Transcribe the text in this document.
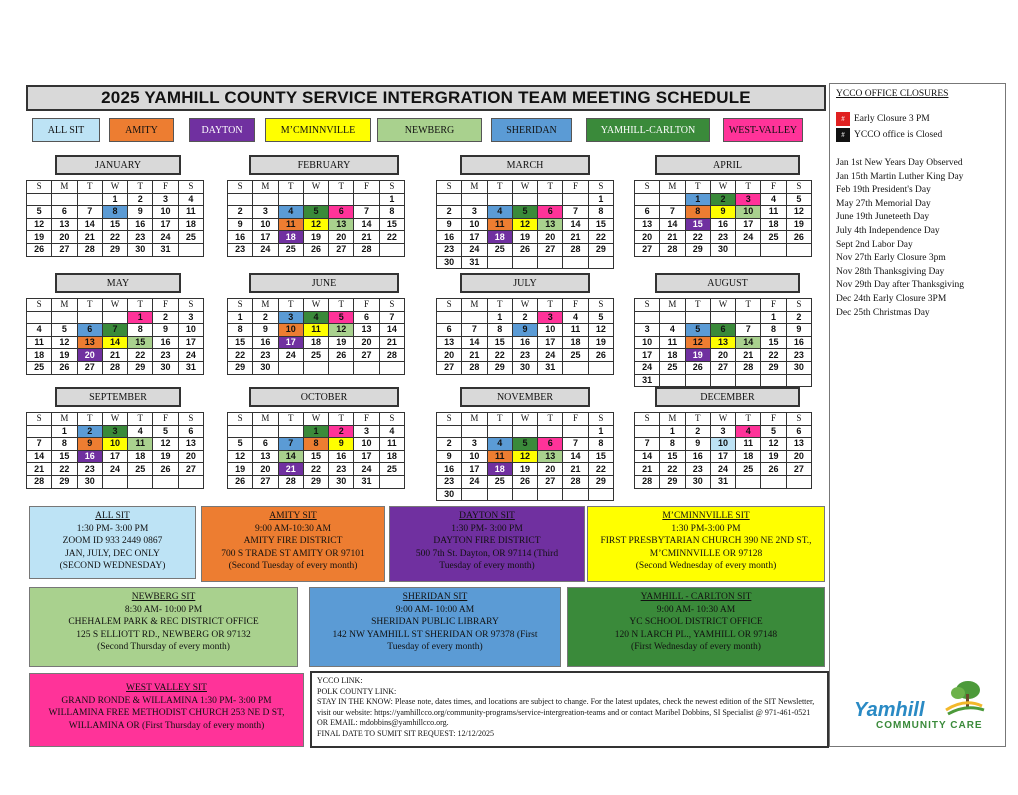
2025 YAMHILL COUNTY SERVICE INTERGRATION TEAM MEETING SCHEDULE
ALL SIT	AMITY	DAYTON	M’CMINNVILLE	NEWBERG	SHERIDAN	YAMHILL-CARLTON	WEST-VALLEY
JANUARY
S	M	T	W	T	F	S
			1	2	3	4
5	6	7	8	9	10	11
12	13	14	15	16	17	18
19	20	21	22	23	24	25
26	27	28	29	30	31	
FEBRUARY
S	M	T	W	T	F	S
						1
2	3	4	5	6	7	8
9	10	11	12	13	14	15
16	17	18	19	20	21	22
23	24	25	26	27	28	
MARCH
S	M	T	W	T	F	S
						1
2	3	4	5	6	7	8
9	10	11	12	13	14	15
16	17	18	19	20	21	22
23	24	25	26	27	28	29
30	31					
APRIL
S	M	T	W	T	F	S
		1	2	3	4	5
6	7	8	9	10	11	12
13	14	15	16	17	18	19
20	21	22	23	24	25	26
27	28	29	30			
MAY
S	M	T	W	T	F	S
				1	2	3
4	5	6	7	8	9	10
11	12	13	14	15	16	17
18	19	20	21	22	23	24
25	26	27	28	29	30	31
JUNE
S	M	T	W	T	F	S
1	2	3	4	5	6	7
8	9	10	11	12	13	14
15	16	17	18	19	20	21
22	23	24	25	26	27	28
29	30					
JULY
S	M	T	W	T	F	S
		1	2	3	4	5
6	7	8	9	10	11	12
13	14	15	16	17	18	19
20	21	22	23	24	25	26
27	28	29	30	31		
AUGUST
S	M	T	W	T	F	S
					1	2
3	4	5	6	7	8	9
10	11	12	13	14	15	16
17	18	19	20	21	22	23
24	25	26	27	28	29	30
31						
SEPTEMBER
S	M	T	W	T	F	S
	1	2	3	4	5	6
7	8	9	10	11	12	13
14	15	16	17	18	19	20
21	22	23	24	25	26	27
28	29	30				
OCTOBER
S	M	T	W	T	F	S
			1	2	3	4
5	6	7	8	9	10	11
12	13	14	15	16	17	18
19	20	21	22	23	24	25
26	27	28	29	30	31	
NOVEMBER
S	M	T	W	T	F	S
						1
2	3	4	5	6	7	8
9	10	11	12	13	14	15
16	17	18	19	20	21	22
23	24	25	26	27	28	29
30						
DECEMBER
S	M	T	W	T	F	S
	1	2	3	4	5	6
7	8	9	10	11	12	13
14	15	16	17	18	19	20
21	22	23	24	25	26	27
28	29	30	31			
ALL SIT
1:30 PM- 3:00 PM
ZOOM ID 933 2449 0867
JAN, JULY, DEC ONLY
(SECOND WEDNESDAY)
AMITY SIT
9:00 AM-10:30 AM
AMITY FIRE DISTRICT
700 S TRADE ST AMITY OR 97101
(Second Tuesday of every month)
DAYTON SIT
1:30 PM- 3:00 PM
DAYTON FIRE DISTRICT
500 7th St. Dayton, OR 97114 (Third
Tuesday of every month)
M’CMINNVILLE SIT
1:30 PM-3:00 PM
FIRST PRESBYTARIAN CHURCH 390 NE 2ND ST.,
M’CMINNVILLE OR 97128
(Second Wednesday of every month)
NEWBERG SIT
8:30 AM- 10:00 PM
CHEHALEM PARK & REC DISTRICT OFFICE
125 S ELLIOTT RD., NEWBERG OR 97132
(Second Thursday of every month)
SHERIDAN SIT
9:00 AM- 10:00 AM
SHERIDAN PUBLIC LIBRARY
142 NW YAMHILL ST SHERIDAN OR 97378 (First
Tuesday of every month)
YAMHILL - CARLTON SIT
9:00 AM- 10:30 AM
YC SCHOOL DISTRICT OFFICE
120 N LARCH PL., YAMHILL OR 97148
(First Wednesday of every month)
WEST VALLEY SIT
GRAND RONDE & WILLAMINA 1:30 PM- 3:00 PM
WILLAMINA FREE METHODIST CHURCH 253 NE D ST,
WILLAMINA OR (First Thursday of every month)
YCCO LINK:
POLK COUNTY LINK:
STAY IN THE KNOW: Please note, dates times, and locations are subject to change. For the latest updates, check the newest edition of the SIT Newsletter, visit our website: https://yamhillcco.org/community-programs/service-intergreation-teams and or contact Maribel Dobbins, SI Specialist @ 971-461-0521 OR EMAIL: mdobbins@yamhillcco.org.
FINAL DATE TO SUMIT SIT REQUEST: 12/12/2025
YCCO OFFICE CLOSURES
# Early Closure 3 PM
# YCCO office is Closed
Jan 1st New Years Day Observed
Jan 15th Martin Luther King Day
Feb 19th President's Day
May 27th Memorial Day
June 19th Juneteeth Day
July 4th Independence Day
Sept 2nd Labor Day
Nov 27th Early Closure 3pm
Nov 28th Thanksgiving Day
Nov 29th Day after Thanksgiving
Dec 24th Early Closure 3PM
Dec 25th Christmas Day
Yamhill
COMMUNITY CARE
